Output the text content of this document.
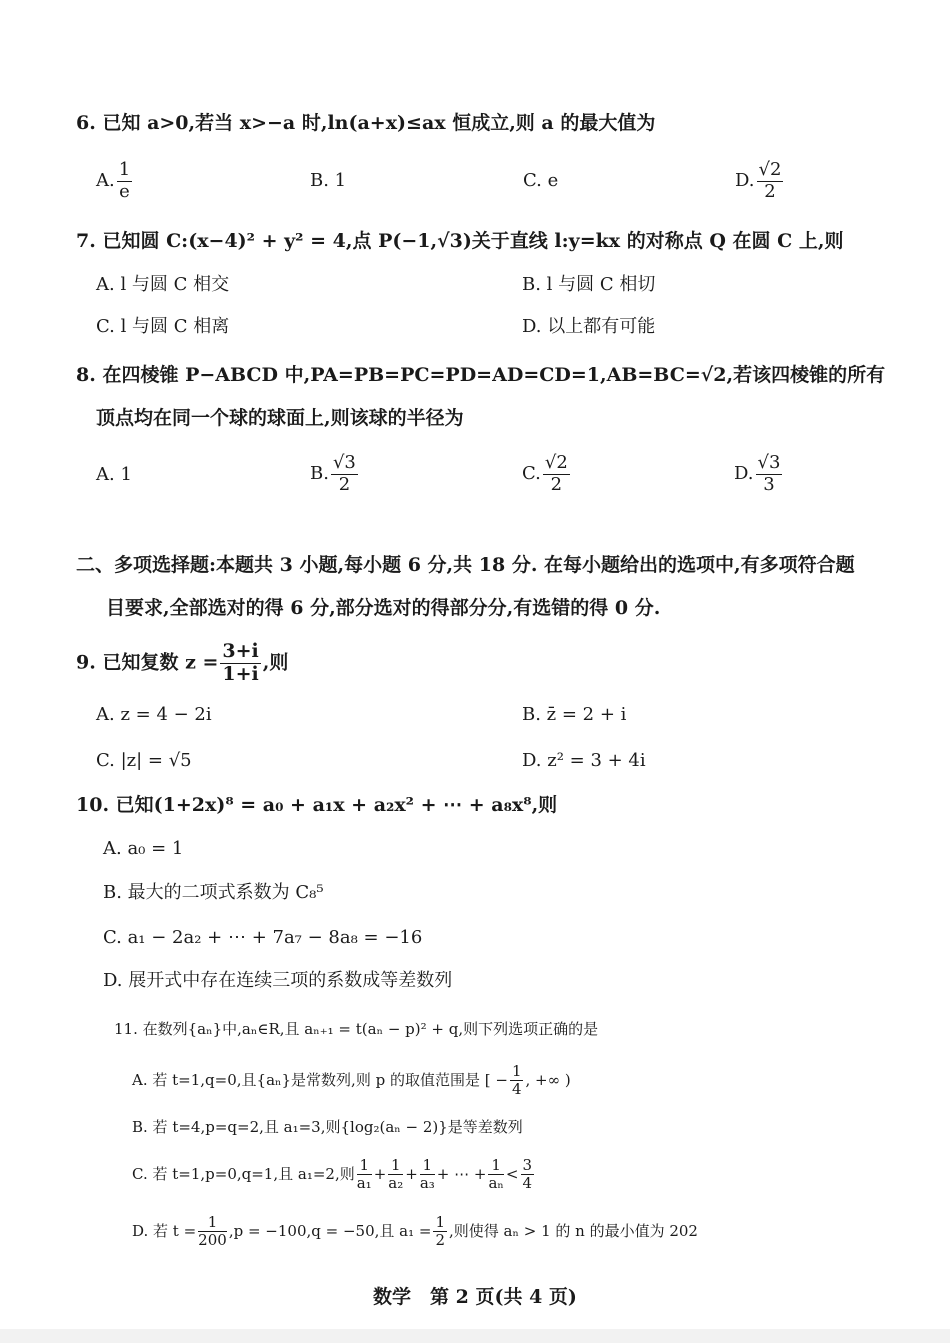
6. 已知 a>0,若当 x>−a 时,ln(a+x)≤ax 恒成立,则 a 的最大值为
A. $\frac{1}{e}$	B. 1	C. e	D. $\frac{√2}{2}$
7. 已知圆 C:(x−4)² + y² = 4,点 P(−1,√3)关于直线 l:y=kx 的对称点 Q 在圆 C 上,则
A. l 与圆 C 相交	B. l 与圆 C 相切
C. l 与圆 C 相离	D. 以上都有可能
8. 在四棱锥 P−ABCD 中,PA=PB=PC=PD=AD=CD=1,AB=BC=√2,若该四棱锥的所有
顶点均在同一个球的球面上,则该球的半径为
A. 1	B. $\frac{√3}{2}$	C. $\frac{√2}{2}$	D. $\frac{√3}{3}$
二、多项选择题:本题共 3 小题,每小题 6 分,共 18 分. 在每小题给出的选项中,有多项符合题
目要求,全部选对的得 6 分,部分选对的得部分分,有选错的得 0 分.
9. 已知复数 $z = \frac{3+i}{1+i}$ ,则
A. z = 4 − 2i	B. z̄ = 2 + i
C. |z| = √5	D. z² = 3 + 4i
10. 已知(1+2x)⁸ = a₀ + a₁x + a₂x² + ⋯ + a₈x⁸,则
A. a₀ = 1
B. 最大的二项式系数为 C₈⁵
C. a₁ − 2a₂ + ⋯ + 7a₇ − 8a₈ = −16
D. 展开式中存在连续三项的系数成等差数列
11. 在数列{aₙ}中,aₙ∈R,且 aₙ₊₁ = t(aₙ − p)² + q,则下列选项正确的是
A. 若 t=1,q=0,且{aₙ}是常数列,则 p 的取值范围是 [ − $\frac{1}{4}$ , +∞ )
B. 若 t=4,p=q=2,且 a₁=3,则{log₂(aₙ − 2)}是等差数列
C. 若 t=1,p=0,q=1,且 a₁=2,则 $\frac{1}{\text{a₁}} + \frac{1}{\text{a₂}} + \frac{1}{\text{a₃}}$ + ⋯ + $\frac{1}{\text{aₙ}} < \frac{3}{4}$
D. 若 $t = \frac{1}{200} ,p = -100,q = -50$,且 $a_1 = \frac{1}{2}$ ,则使得 aₙ > 1 的 n 的最小值为 202
数学　第 2 页(共 4 页)
